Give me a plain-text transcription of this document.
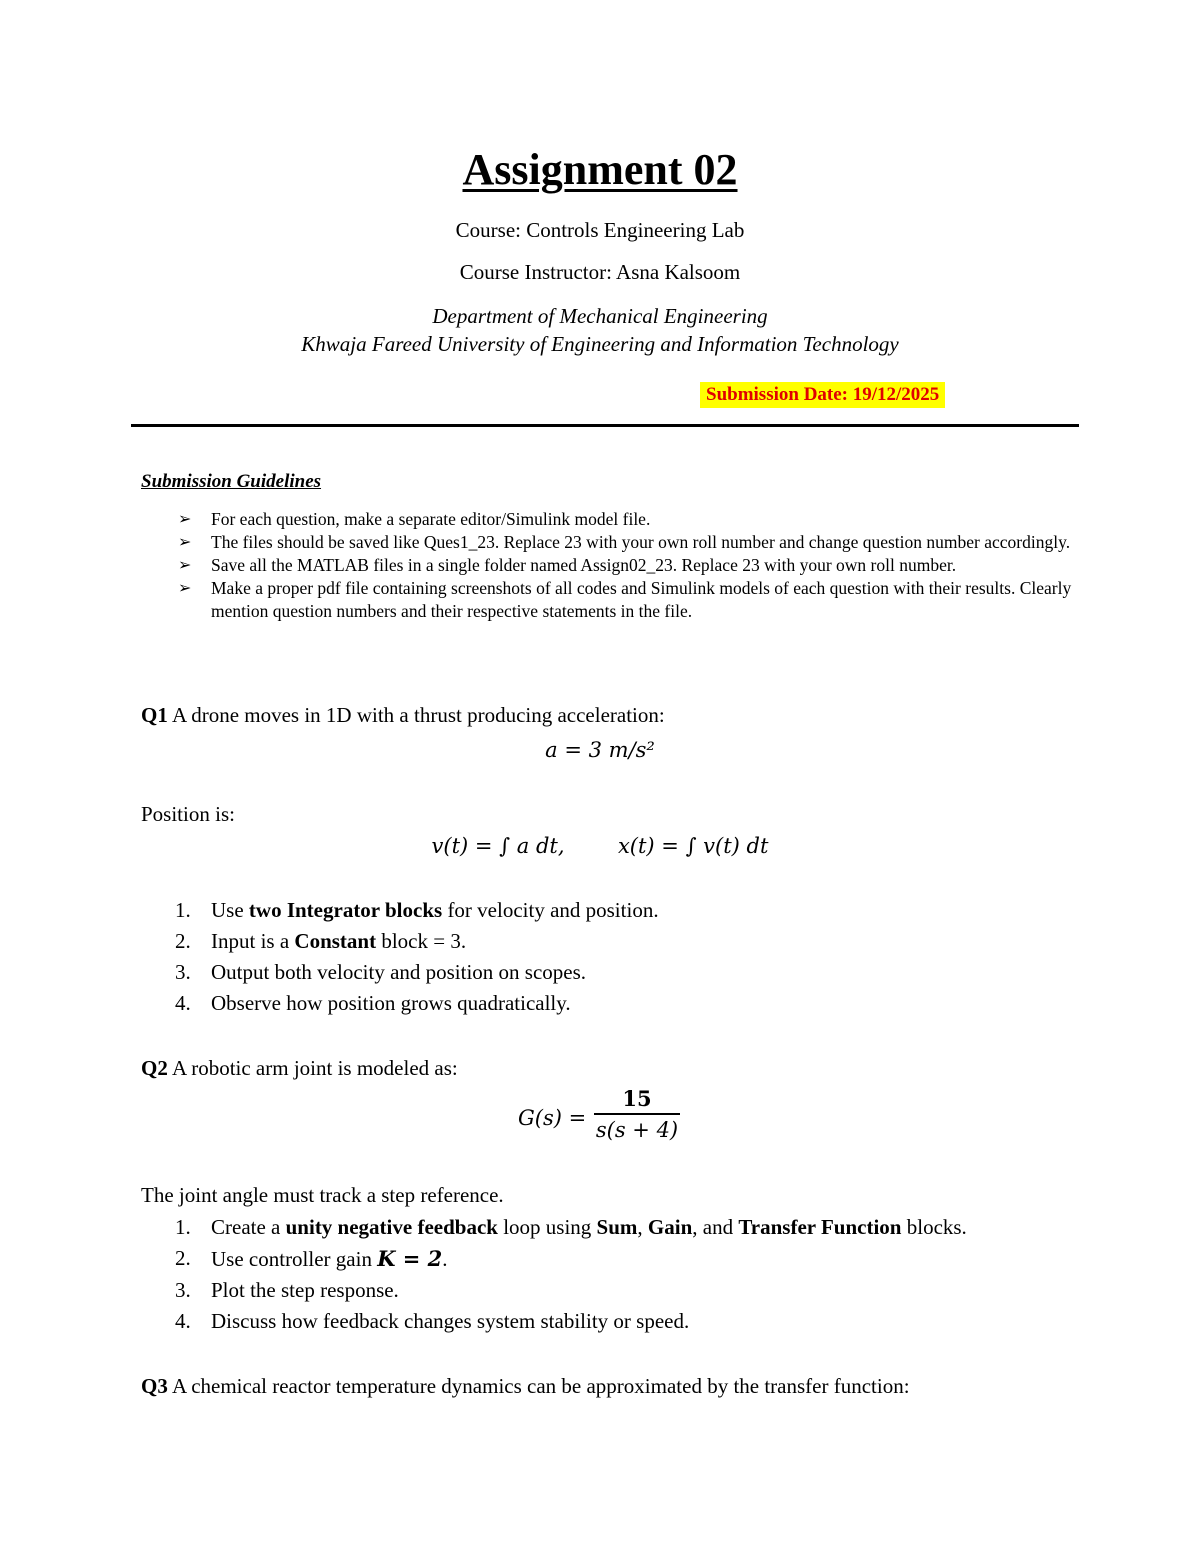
Assignment 02
Course: Controls Engineering Lab
Course Instructor: Asna Kalsoom
Department of Mechanical Engineering
Khwaja Fareed University of Engineering and Information Technology
Submission Date: 19/12/2025
Submission Guidelines
➢ For each question, make a separate editor/Simulink model file.
➢ The files should be saved like Ques1_23. Replace 23 with your own roll number and change question number accordingly.
➢ Save all the MATLAB files in a single folder named Assign02_23. Replace 23 with your own roll number.
➢ Make a proper pdf file containing screenshots of all codes and Simulink models of each question with their results. Clearly mention question numbers and their respective statements in the file.
Q1 A drone moves in 1D with a thrust producing acceleration:
a = 3 m/s²
Position is:
v(t) = ∫ a dt,        x(t) = ∫ v(t) dt
1. Use two Integrator blocks for velocity and position.
2. Input is a Constant block = 3.
3. Output both velocity and position on scopes.
4. Observe how position grows quadratically.
Q2 A robotic arm joint is modeled as:
G(s) =
15
s(s + 4)
The joint angle must track a step reference.
1. Create a unity negative feedback loop using Sum, Gain, and Transfer Function blocks.
2. Use controller gain K = 2.
3. Plot the step response.
4. Discuss how feedback changes system stability or speed.
Q3 A chemical reactor temperature dynamics can be approximated by the transfer function:
